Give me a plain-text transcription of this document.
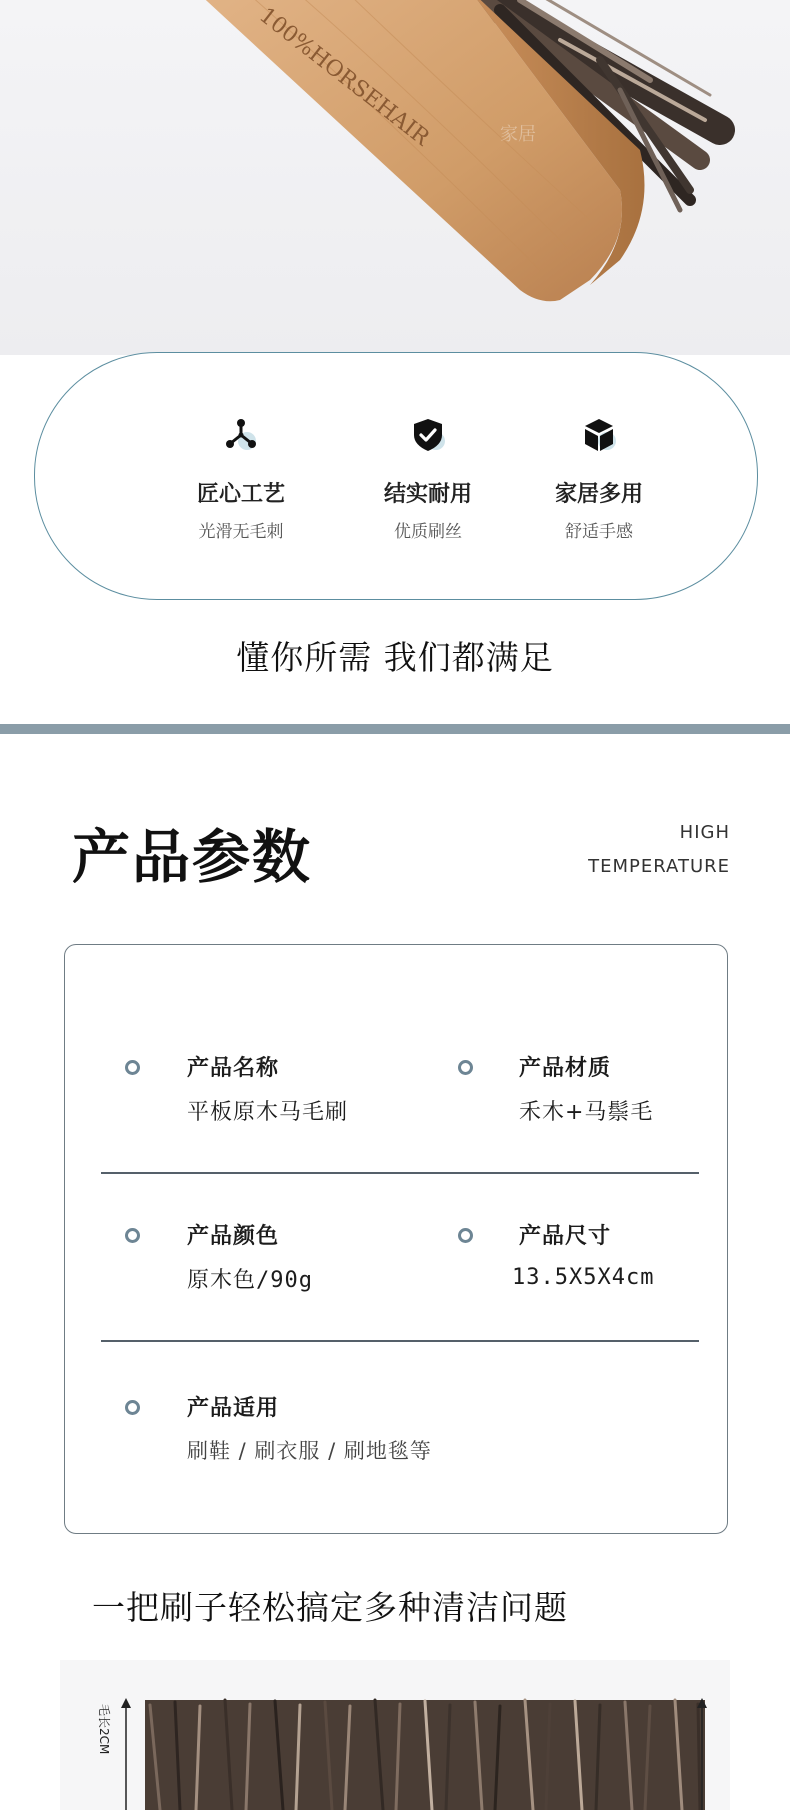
100%HORSEHAIR	家居
匠心工艺
光滑无毛刺
结实耐用
优质刷丝
家居多用
舒适手感
懂你所需 我们都满足
产品参数	HIGH
TEMPERATURE
产品名称
平板原木马毛刷
产品材质
禾木+马鬃毛
产品颜色
原木色/90g
产品尺寸
13.5X5X4cm
产品适用
刷鞋 / 刷衣服 / 刷地毯等
一把刷子轻松搞定多种清洁问题
毛长2CM
